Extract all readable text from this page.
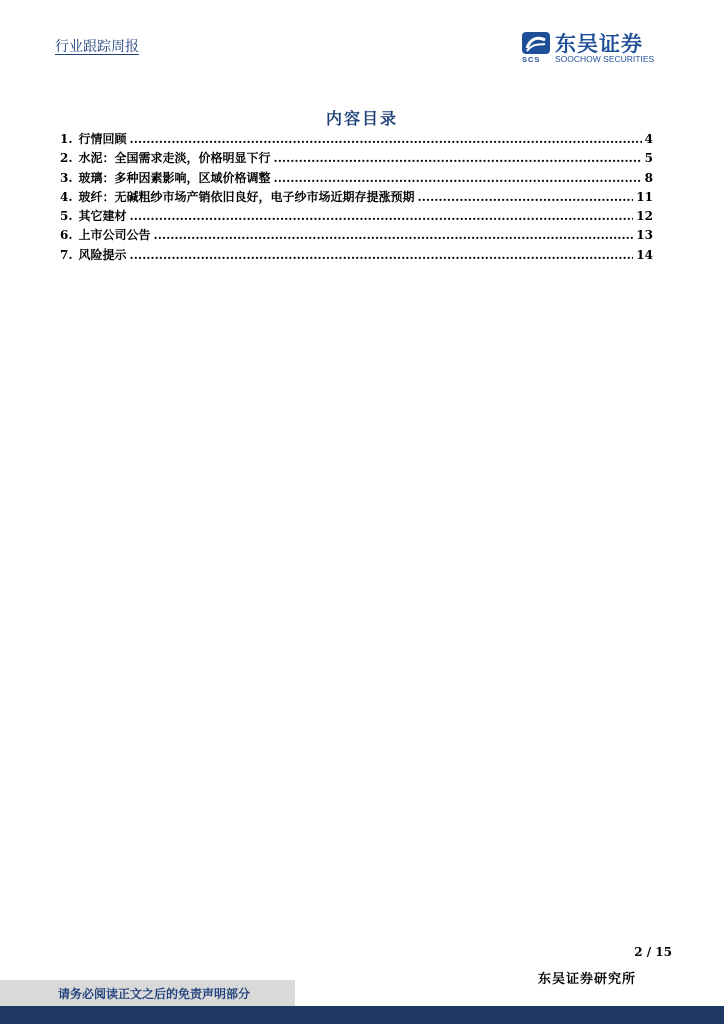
行业跟踪周报
SCS
东吴证券
SOOCHOW SECURITIES
内容目录
1. 行情回顾 .....	4
2. 水泥：全国需求走淡，价格明显下行 .....	5
3. 玻璃：多种因素影响，区域价格调整 .....	8
4. 玻纤：无碱粗纱市场产销依旧良好，电子纱市场近期存提涨预期 .....	11
5. 其它建材 .....	12
6. 上市公司公告 .....	13
7. 风险提示 .....	14
2 / 15
东吴证券研究所
请务必阅读正文之后的免责声明部分
